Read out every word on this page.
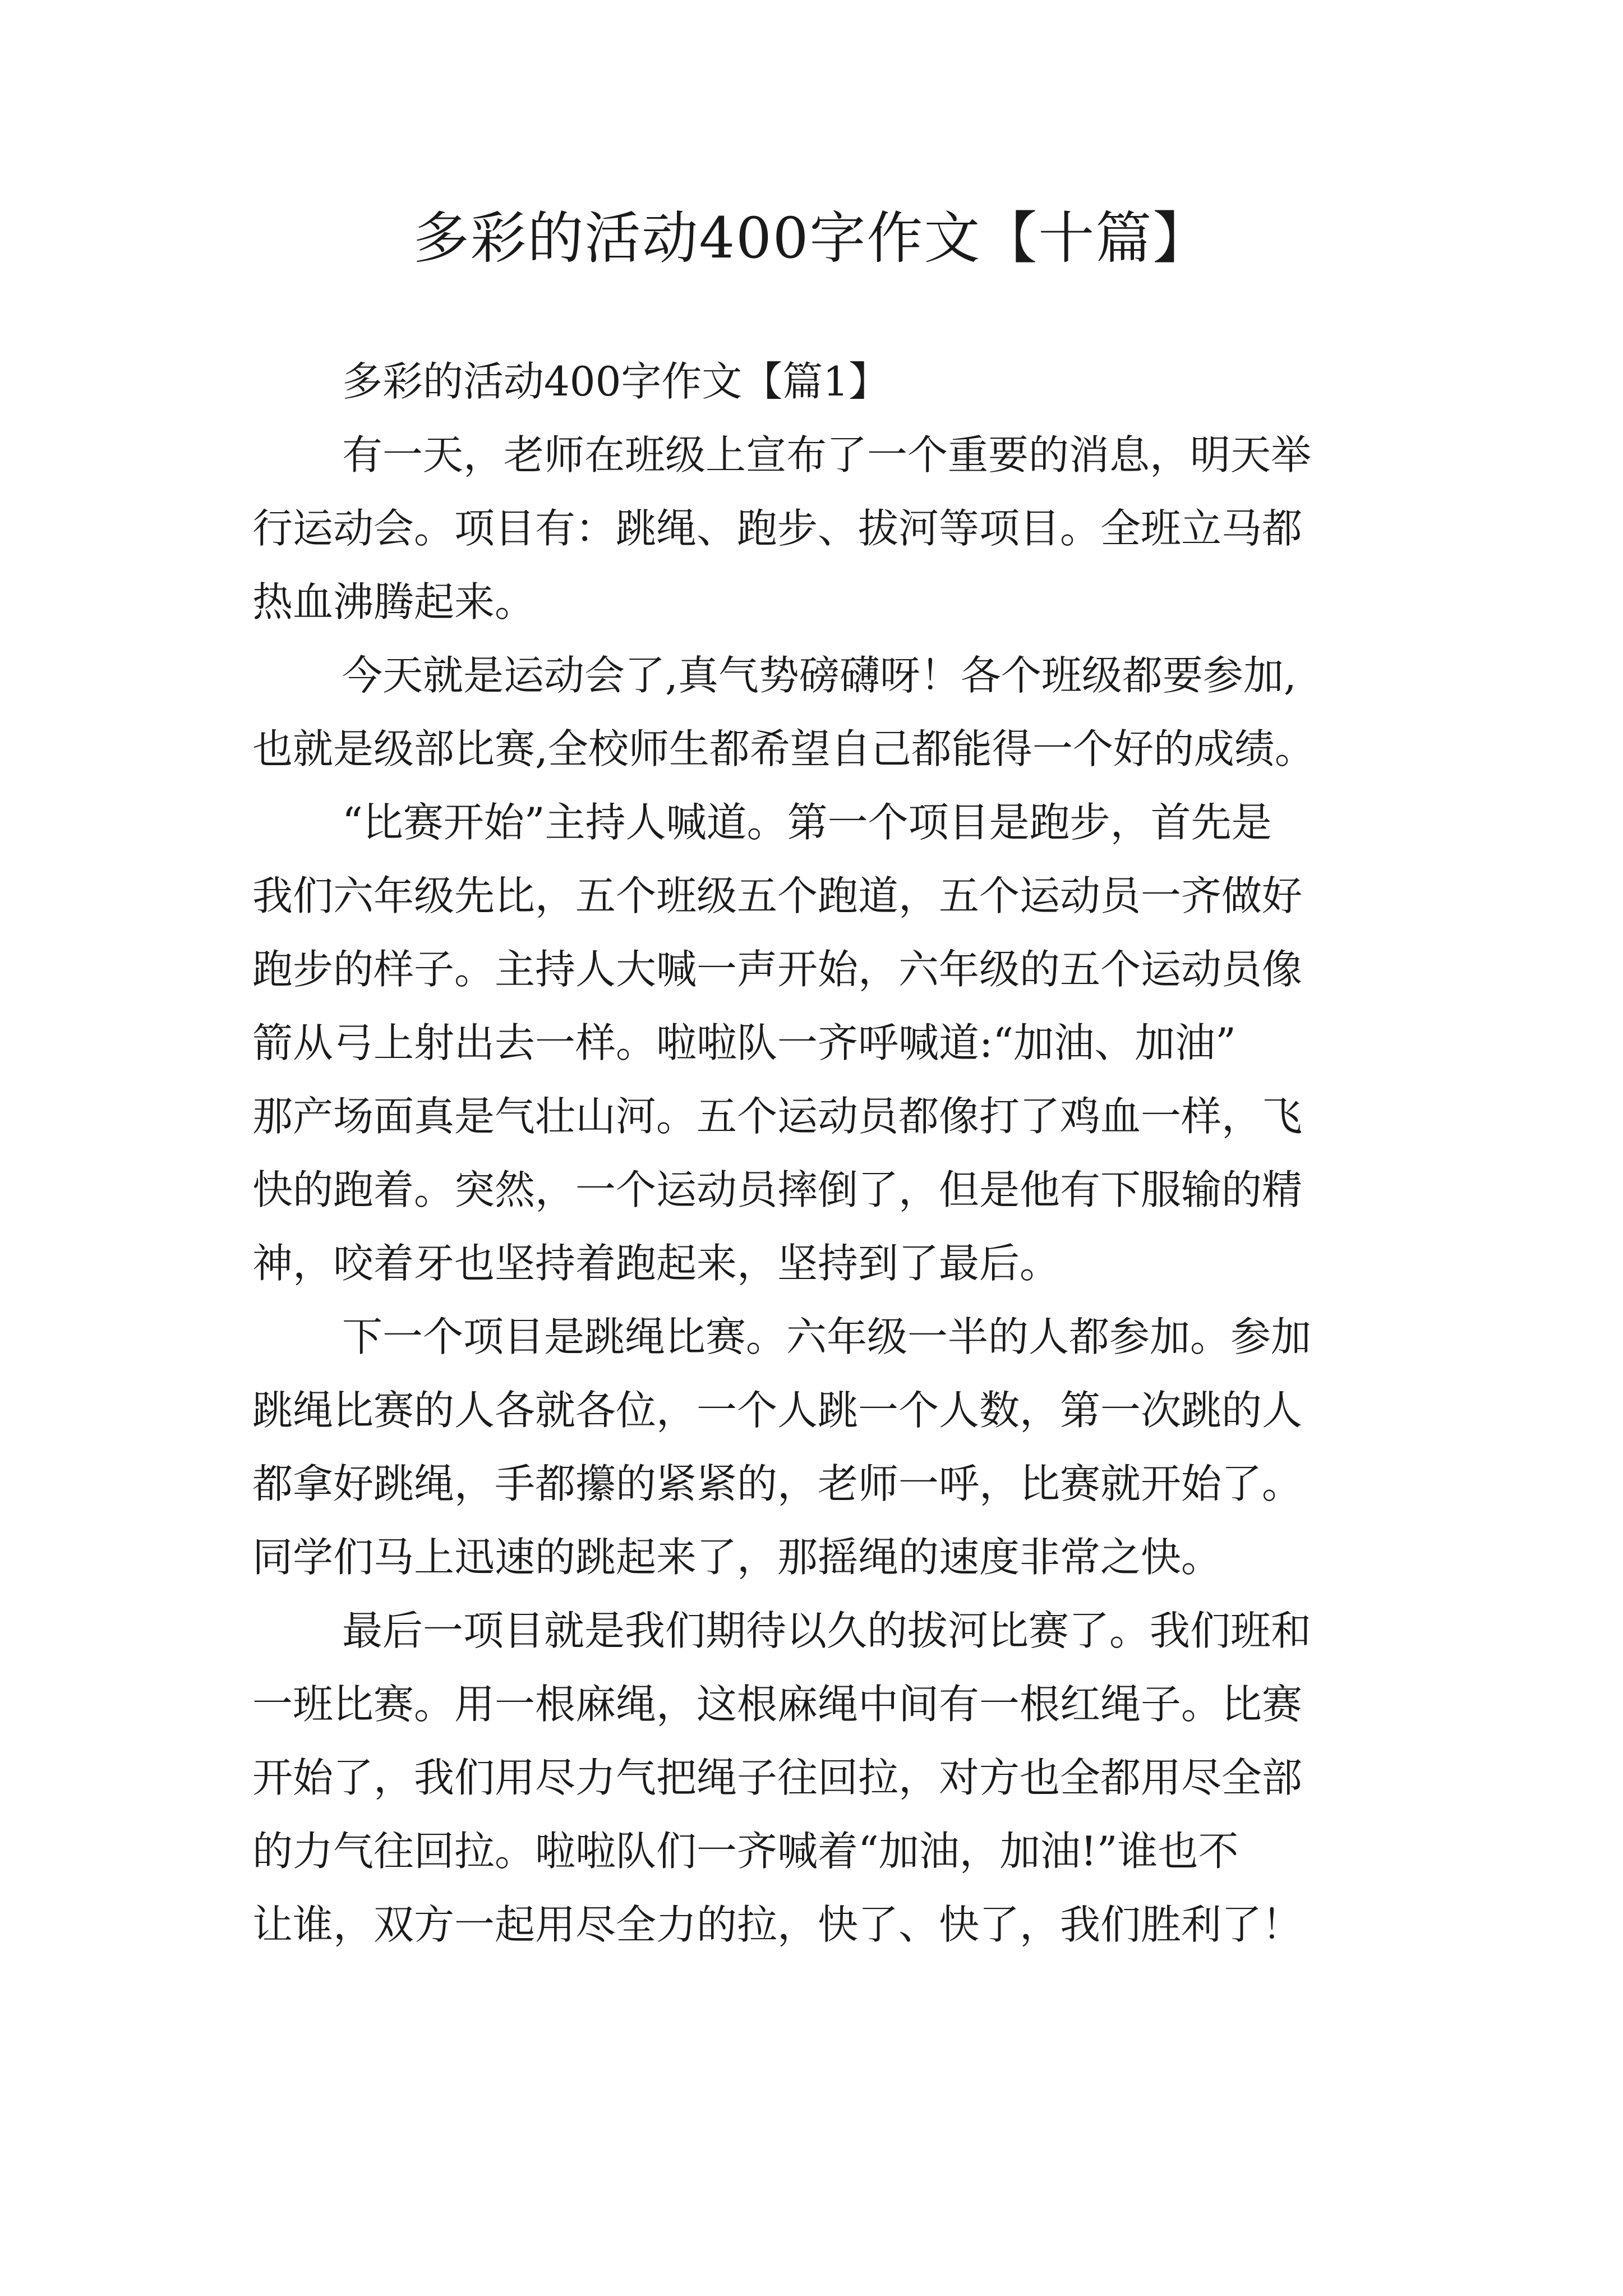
多彩的活动400字作文【十篇】
多彩的活动400字作文【篇1】
有一天，老师在班级上宣布了一个重要的消息，明天举
行运动会。项目有：跳绳、跑步、拔河等项目。全班立马都
热血沸腾起来。
今天就是运动会了,真气势磅礴呀！各个班级都要参加,
也就是级部比赛,全校师生都希望自己都能得一个好的成绩。
“比赛开始”主持人喊道。第一个项目是跑步，首先是
我们六年级先比，五个班级五个跑道，五个运动员一齐做好
跑步的样子。主持人大喊一声开始，六年级的五个运动员像
箭从弓上射出去一样。啦啦队一齐呼喊道:“加油、加油”
那产场面真是气壮山河。五个运动员都像打了鸡血一样，飞
快的跑着。突然，一个运动员摔倒了，但是他有下服输的精
神，咬着牙也坚持着跑起来，坚持到了最后。
下一个项目是跳绳比赛。六年级一半的人都参加。参加
跳绳比赛的人各就各位，一个人跳一个人数，第一次跳的人
都拿好跳绳，手都攥的紧紧的，老师一呼，比赛就开始了。
同学们马上迅速的跳起来了，那摇绳的速度非常之快。
最后一项目就是我们期待以久的拔河比赛了。我们班和
一班比赛。用一根麻绳，这根麻绳中间有一根红绳子。比赛
开始了，我们用尽力气把绳子往回拉，对方也全都用尽全部
的力气往回拉。啦啦队们一齐喊着“加油，加油!”谁也不
让谁，双方一起用尽全力的拉，快了、快了，我们胜利了！
